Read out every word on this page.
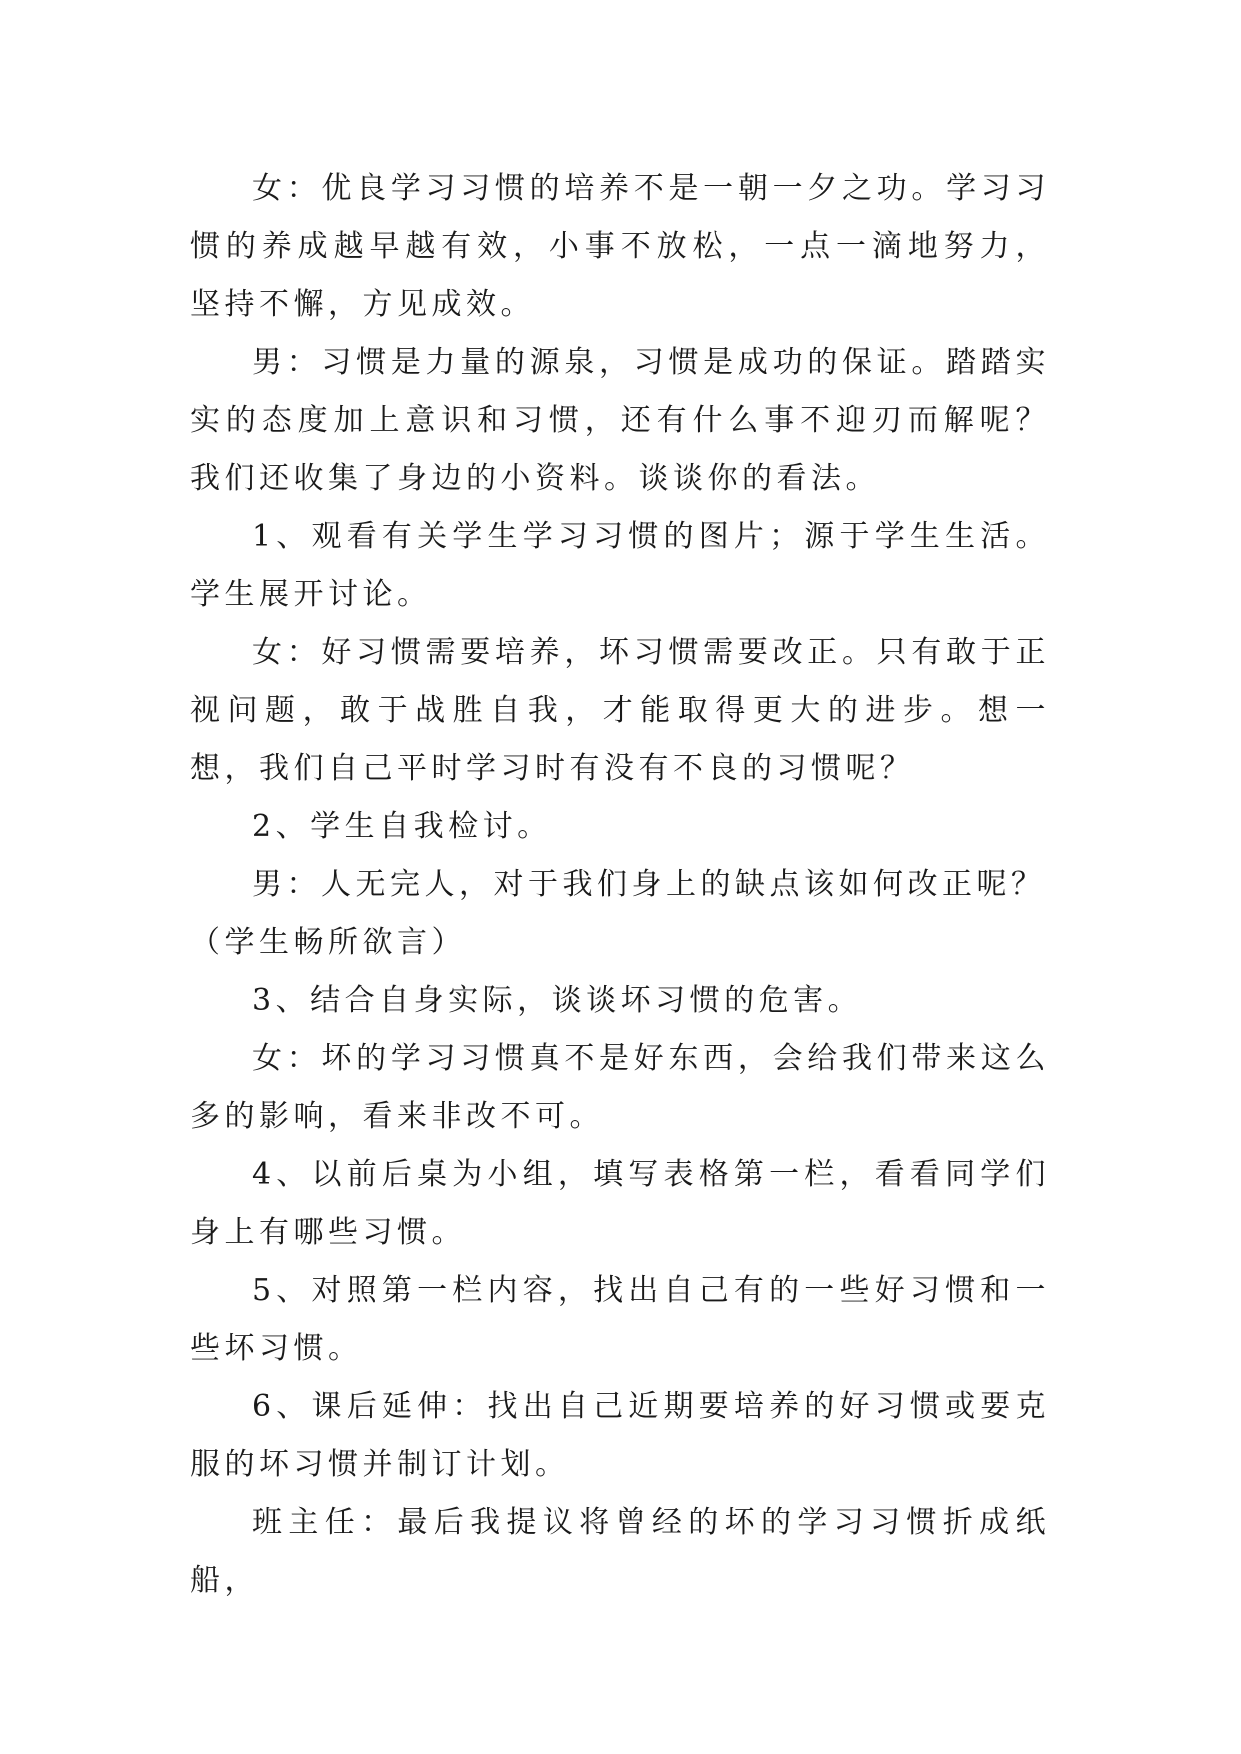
女：优良学习习惯的培养不是一朝一夕之功。学习习惯的养成越早越有效，小事不放松，一点一滴地努力，坚持不懈，方见成效。

男：习惯是力量的源泉，习惯是成功的保证。踏踏实实的态度加上意识和习惯，还有什么事不迎刃而解呢？我们还收集了身边的小资料。谈谈你的看法。

1、观看有关学生学习习惯的图片；源于学生生活。学生展开讨论。

女：好习惯需要培养，坏习惯需要改正。只有敢于正视问题，敢于战胜自我，才能取得更大的进步。想一想，我们自己平时学习时有没有不良的习惯呢？

2、学生自我检讨。

男：人无完人，对于我们身上的缺点该如何改正呢？

（学生畅所欲言）

3、结合自身实际，谈谈坏习惯的危害。

女：坏的学习习惯真不是好东西，会给我们带来这么多的影响，看来非改不可。

4、以前后桌为小组，填写表格第一栏，看看同学们身上有哪些习惯。

5、对照第一栏内容，找出自己有的一些好习惯和一些坏习惯。

6、课后延伸：找出自己近期要培养的好习惯或要克服的坏习惯并制订计划。

班主任：最后我提议将曾经的坏的学习习惯折成纸船，
